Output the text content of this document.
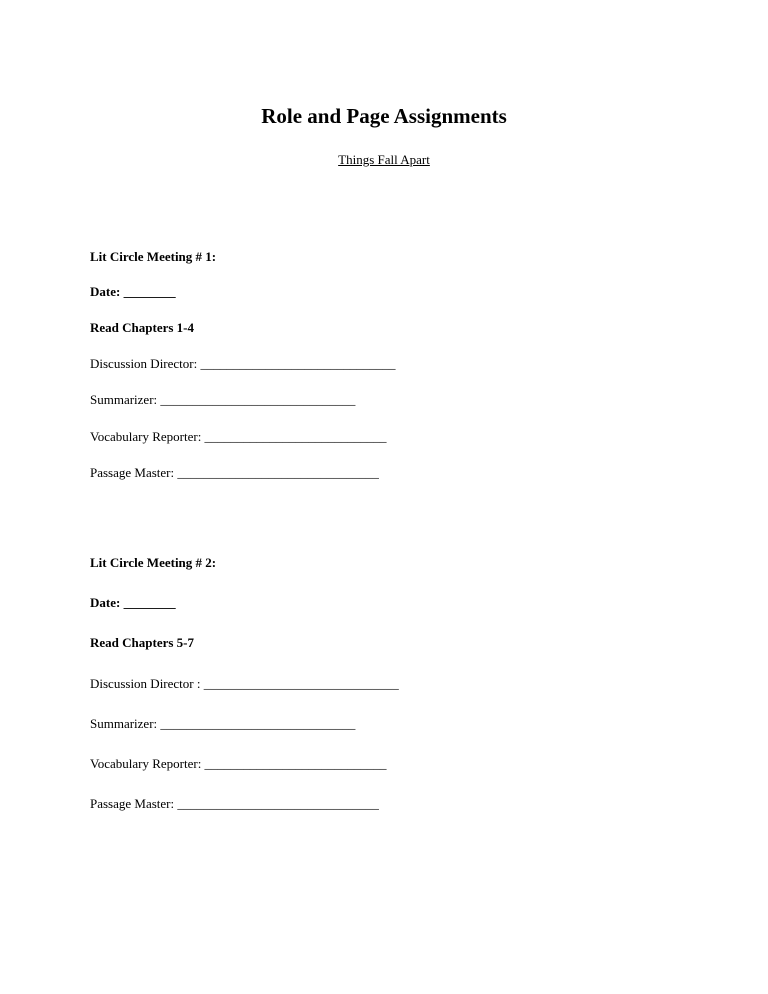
Role and Page Assignments
Things Fall Apart
Lit Circle Meeting # 1:
Date: ________
Read Chapters 1-4
Discussion Director: ______________________________
Summarizer: ______________________________
Vocabulary Reporter: ____________________________
Passage Master: _______________________________
Lit Circle Meeting # 2:
Date: ________
Read Chapters 5-7
Discussion Director : ______________________________
Summarizer: ______________________________
Vocabulary Reporter: ____________________________
Passage Master: _______________________________
